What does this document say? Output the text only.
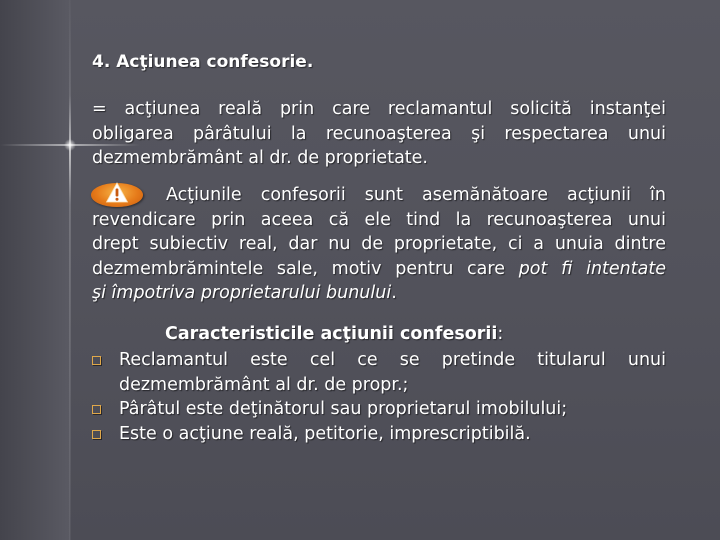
4. Acţiunea confesorie.
= acţiunea reală prin care reclamantul solicită instanţei
obligarea pârâtului la recunoaşterea şi respectarea unui
dezmembrământ al dr. de proprietate.
Acţiunile confesorii sunt asemănătoare acţiunii în
revendicare prin aceea că ele tind la recunoaşterea unui
drept subiectiv real, dar nu de proprietate, ci a unuia dintre
dezmembrămintele sale, motiv pentru care pot fi intentate
şi împotriva proprietarului bunului.
Caracteristicile acţiunii confesorii:
Reclamantul este cel ce se pretinde titularul unui
dezmembrământ al dr. de propr.;
Pârâtul este deţinătorul sau proprietarul imobilului;
Este o acţiune reală, petitorie, imprescriptibilă.
